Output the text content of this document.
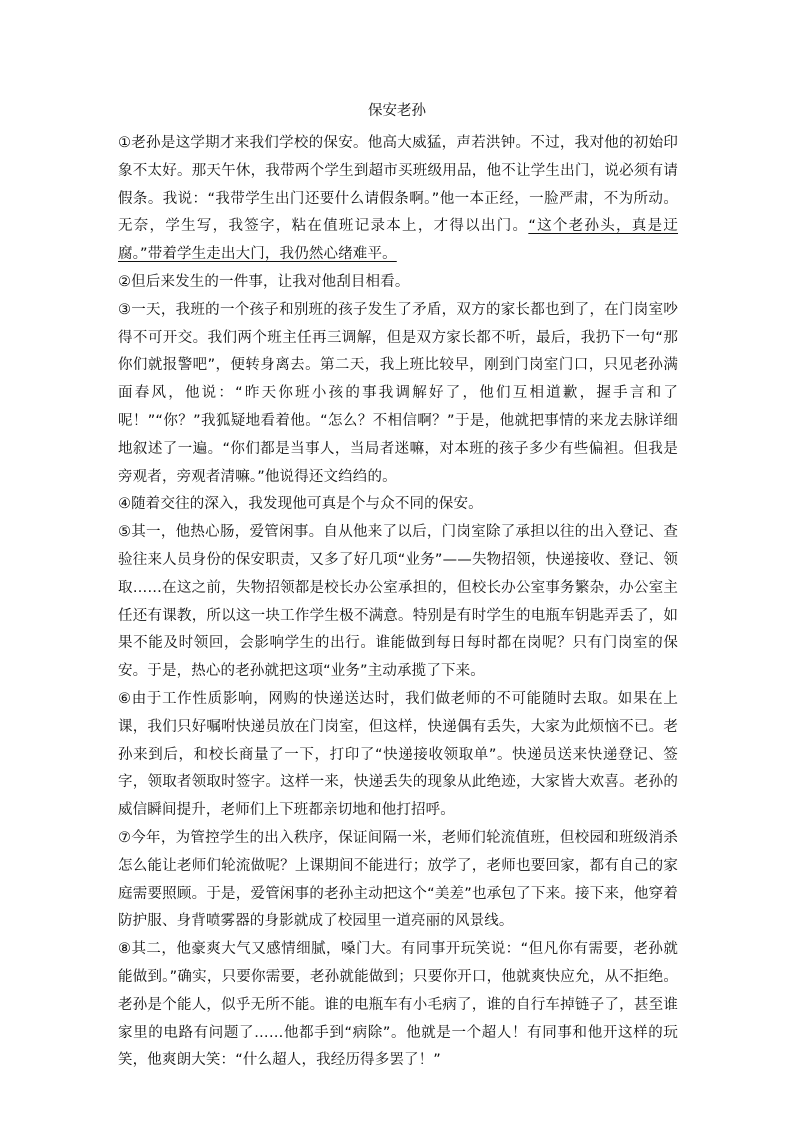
保安老孙

①老孙是这学期才来我们学校的保安。他高大威猛，声若洪钟。不过，我对他的初始印象不太好。那天午休，我带两个学生到超市买班级用品，他不让学生出门，说必须有请假条。我说：“我带学生出门还要什么请假条啊。”他一本正经，一脸严肃，不为所动。无奈，学生写，我签字，粘在值班记录本上，才得以出门。“这个老孙头，真是迂腐。”带着学生走出大门，我仍然心绪难平。

②但后来发生的一件事，让我对他刮目相看。

③一天，我班的一个孩子和别班的孩子发生了矛盾，双方的家长都也到了，在门岗室吵得不可开交。我们两个班主任再三调解，但是双方家长都不听，最后，我扔下一句“那你们就报警吧”，便转身离去。第二天，我上班比较早，刚到门岗室门口，只见老孙满面春风，他说：“昨天你班小孩的事我调解好了，他们互相道歉，握手言和了呢！”“你？”我狐疑地看着他。“怎么？不相信啊？”于是，他就把事情的来龙去脉详细地叙述了一遍。“你们都是当事人，当局者迷嘛，对本班的孩子多少有些偏袒。但我是旁观者，旁观者清嘛。”他说得还文绉绉的。

④随着交往的深入，我发现他可真是个与众不同的保安。

⑤其一，他热心肠，爱管闲事。自从他来了以后，门岗室除了承担以往的出入登记、查验往来人员身份的保安职责，又多了好几项“业务”——失物招领，快递接收、登记、领取……在这之前，失物招领都是校长办公室承担的，但校长办公室事务繁杂，办公室主任还有课教，所以这一块工作学生极不满意。特别是有时学生的电瓶车钥匙弄丢了，如果不能及时领回，会影响学生的出行。谁能做到每日每时都在岗呢？只有门岗室的保安。于是，热心的老孙就把这项“业务”主动承揽了下来。

⑥由于工作性质影响，网购的快递送达时，我们做老师的不可能随时去取。如果在上课，我们只好嘱咐快递员放在门岗室，但这样，快递偶有丢失，大家为此烦恼不已。老孙来到后，和校长商量了一下，打印了“快递接收领取单”。快递员送来快递登记、签字，领取者领取时签字。这样一来，快递丢失的现象从此绝迹，大家皆大欢喜。老孙的威信瞬间提升，老师们上下班都亲切地和他打招呼。

⑦今年，为管控学生的出入秩序，保证间隔一米，老师们轮流值班，但校园和班级消杀怎么能让老师们轮流做呢？上课期间不能进行；放学了，老师也要回家，都有自己的家庭需要照顾。于是，爱管闲事的老孙主动把这个“美差”也承包了下来。接下来，他穿着防护服、身背喷雾器的身影就成了校园里一道亮丽的风景线。

⑧其二，他豪爽大气又感情细腻，嗓门大。有同事开玩笑说：“但凡你有需要，老孙就能做到。”确实，只要你需要，老孙就能做到；只要你开口，他就爽快应允，从不拒绝。老孙是个能人，似乎无所不能。谁的电瓶车有小毛病了，谁的自行车掉链子了，甚至谁家里的电路有问题了……他都手到“病除”。他就是一个超人！有同事和他开这样的玩笑，他爽朗大笑：“什么超人，我经历得多罢了！”
